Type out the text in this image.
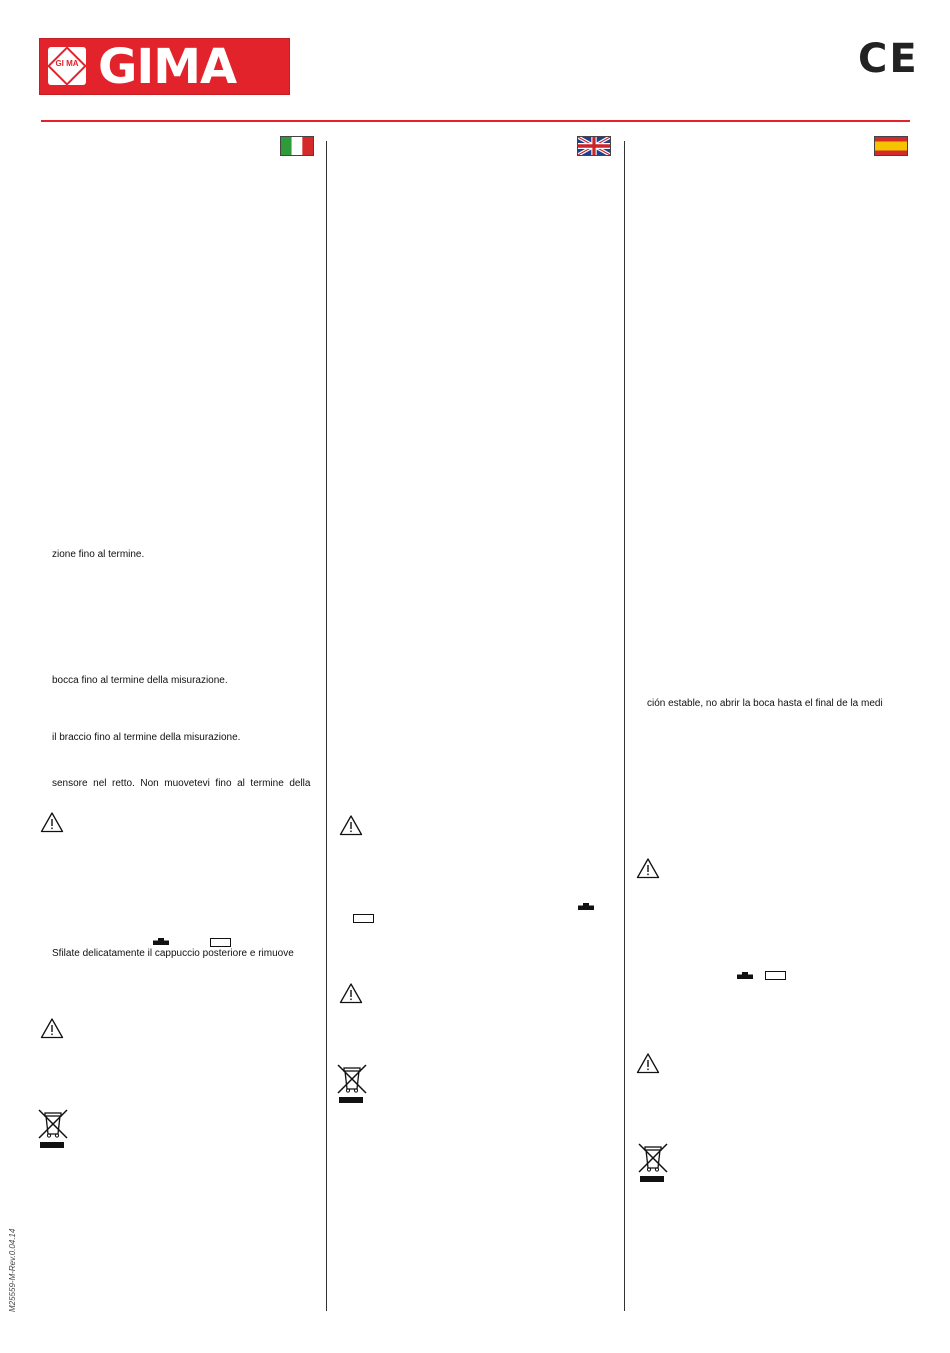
GI MA GIMA	CE
zione fino al termine.
bocca fino al termine della misurazione.
il braccio fino al termine della misurazione.
sensore  nel  retto.  Non  muovetevi  fino  al  termine  della
Sfilate delicatamente il cappuccio posteriore e rimuove
ción estable, no abrir la boca hasta el final de la medi
M25559-M-Rev.0.04.14
